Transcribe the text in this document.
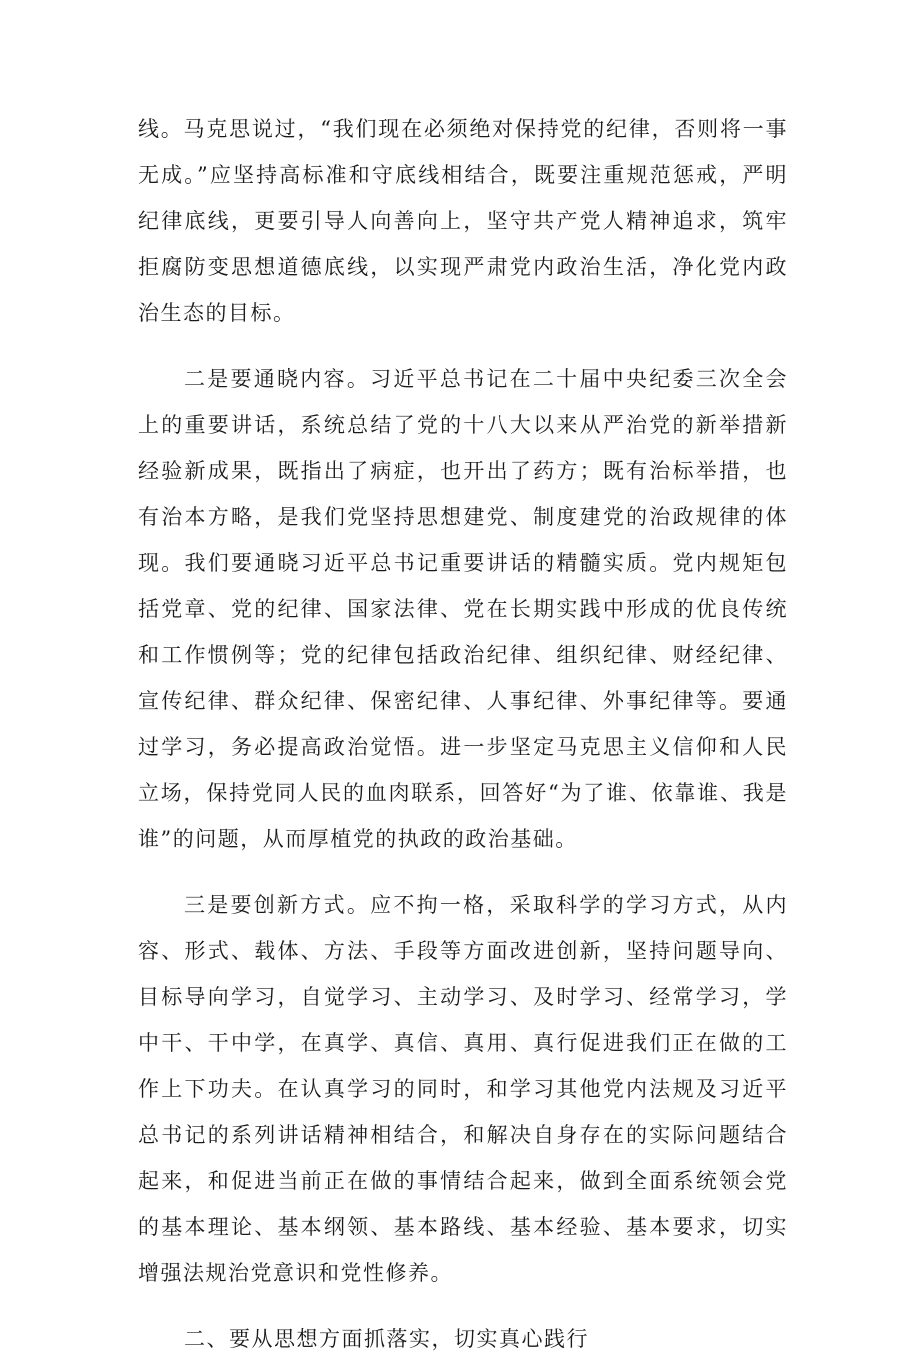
线。马克思说过，“我们现在必须绝对保持党的纪律，否则将一事无成。”应坚持高标准和守底线相结合，既要注重规范惩戒，严明纪律底线，更要引导人向善向上，坚守共产党人精神追求，筑牢拒腐防变思想道德底线，以实现严肃党内政治生活，净化党内政治生态的目标。

二是要通晓内容。习近平总书记在二十届中央纪委三次全会上的重要讲话，系统总结了党的十八大以来从严治党的新举措新经验新成果，既指出了病症，也开出了药方；既有治标举措，也有治本方略，是我们党坚持思想建党、制度建党的治政规律的体现。我们要通晓习近平总书记重要讲话的精髓实质。党内规矩包括党章、党的纪律、国家法律、党在长期实践中形成的优良传统和工作惯例等；党的纪律包括政治纪律、组织纪律、财经纪律、宣传纪律、群众纪律、保密纪律、人事纪律、外事纪律等。要通过学习，务必提高政治觉悟。进一步坚定马克思主义信仰和人民立场，保持党同人民的血肉联系，回答好“为了谁、依靠谁、我是谁”的问题，从而厚植党的执政的政治基础。

三是要创新方式。应不拘一格，采取科学的学习方式，从内容、形式、载体、方法、手段等方面改进创新，坚持问题导向、目标导向学习，自觉学习、主动学习、及时学习、经常学习，学中干、干中学，在真学、真信、真用、真行促进我们正在做的工作上下功夫。在认真学习的同时，和学习其他党内法规及习近平总书记的系列讲话精神相结合，和解决自身存在的实际问题结合起来，和促进当前正在做的事情结合起来，做到全面系统领会党的基本理论、基本纲领、基本路线、基本经验、基本要求，切实增强法规治党意识和党性修养。

二、要从思想方面抓落实，切实真心践行
